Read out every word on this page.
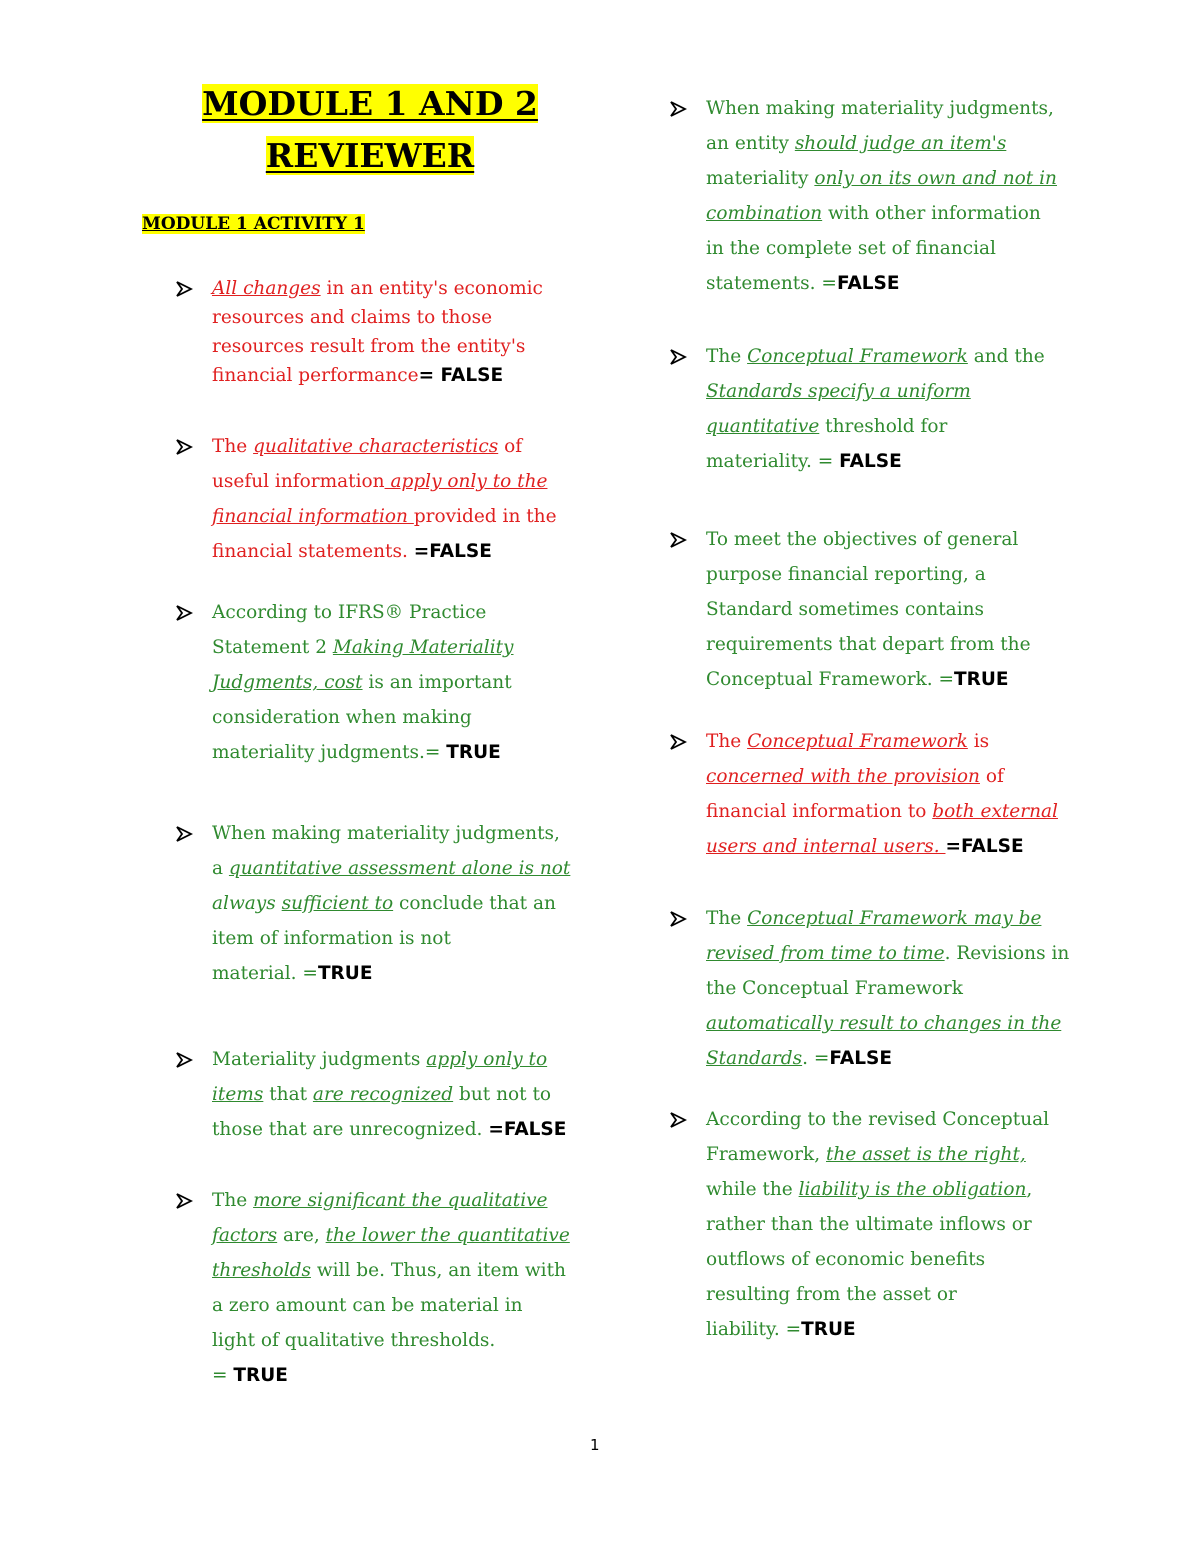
MODULE 1 AND 2
REVIEWER
MODULE 1 ACTIVITY 1
All changes in an entity's economic
resources and claims to those
resources result from the entity's
financial performance= FALSE
The qualitative characteristics of
useful information apply only to the
financial information provided in the
financial statements. =FALSE
According to IFRS® Practice
Statement 2 Making Materiality
Judgments, cost is an important
consideration when making
materiality judgments.= TRUE
When making materiality judgments,
a quantitative assessment alone is not
always sufficient to conclude that an
item of information is not
material. =TRUE
Materiality judgments apply only to
items that are recognized but not to
those that are unrecognized. =FALSE
The more significant the qualitative
factors are, the lower the quantitative
thresholds will be. Thus, an item with
a zero amount can be material in
light of qualitative thresholds.
= TRUE
When making materiality judgments,
an entity should judge an item's
materiality only on its own and not in
combination with other information
in the complete set of financial
statements. =FALSE
The Conceptual Framework and the
Standards specify a uniform
quantitative threshold for
materiality. = FALSE
To meet the objectives of general
purpose financial reporting, a
Standard sometimes contains
requirements that depart from the
Conceptual Framework. =TRUE
The Conceptual Framework is
concerned with the provision of
financial information to both external
users and internal users. =FALSE
The Conceptual Framework may be
revised from time to time. Revisions in
the Conceptual Framework
automatically result to changes in the
Standards. =FALSE
According to the revised Conceptual
Framework, the asset is the right,
while the liability is the obligation,
rather than the ultimate inflows or
outflows of economic benefits
resulting from the asset or
liability. =TRUE
1
